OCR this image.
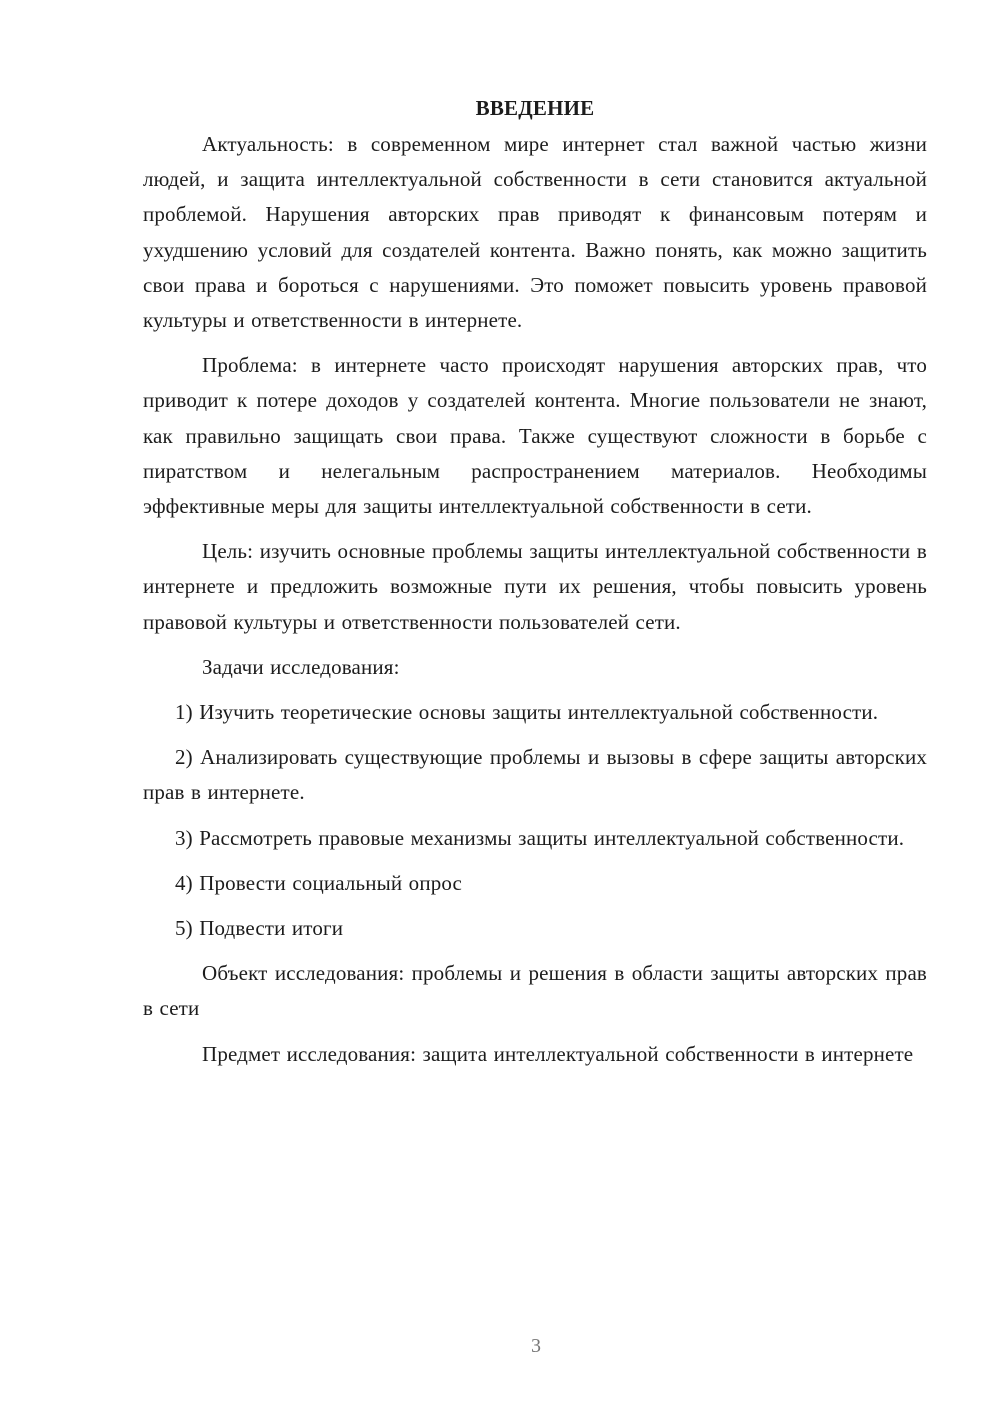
ВВЕДЕНИЕ

Актуальность: в современном мире интернет стал важной частью жизни людей, и защита интеллектуальной собственности в сети становится актуальной проблемой. Нарушения авторских прав приводят к финансовым потерям и ухудшению условий для создателей контента. Важно понять, как можно защитить свои права и бороться с нарушениями. Это поможет повысить уровень правовой культуры и ответственности в интернете.

Проблема: в интернете часто происходят нарушения авторских прав, что приводит к потере доходов у создателей контента. Многие пользователи не знают, как правильно защищать свои права. Также существуют сложности в борьбе с пиратством и нелегальным распространением материалов. Необходимы эффективные меры для защиты интеллектуальной собственности в сети.

Цель: изучить основные проблемы защиты интеллектуальной собственности в интернете и предложить возможные пути их решения, чтобы повысить уровень правовой культуры и ответственности пользователей сети.

Задачи исследования:

1) Изучить теоретические основы защиты интеллектуальной собственности.

2) Анализировать существующие проблемы и вызовы в сфере защиты авторских прав в интернете.

3) Рассмотреть правовые механизмы защиты интеллектуальной собственности.

4) Провести социальный опрос

5) Подвести итоги

Объект исследования: проблемы и решения в области защиты авторских прав в сети

Предмет исследования: защита интеллектуальной собственности в интернете

3
